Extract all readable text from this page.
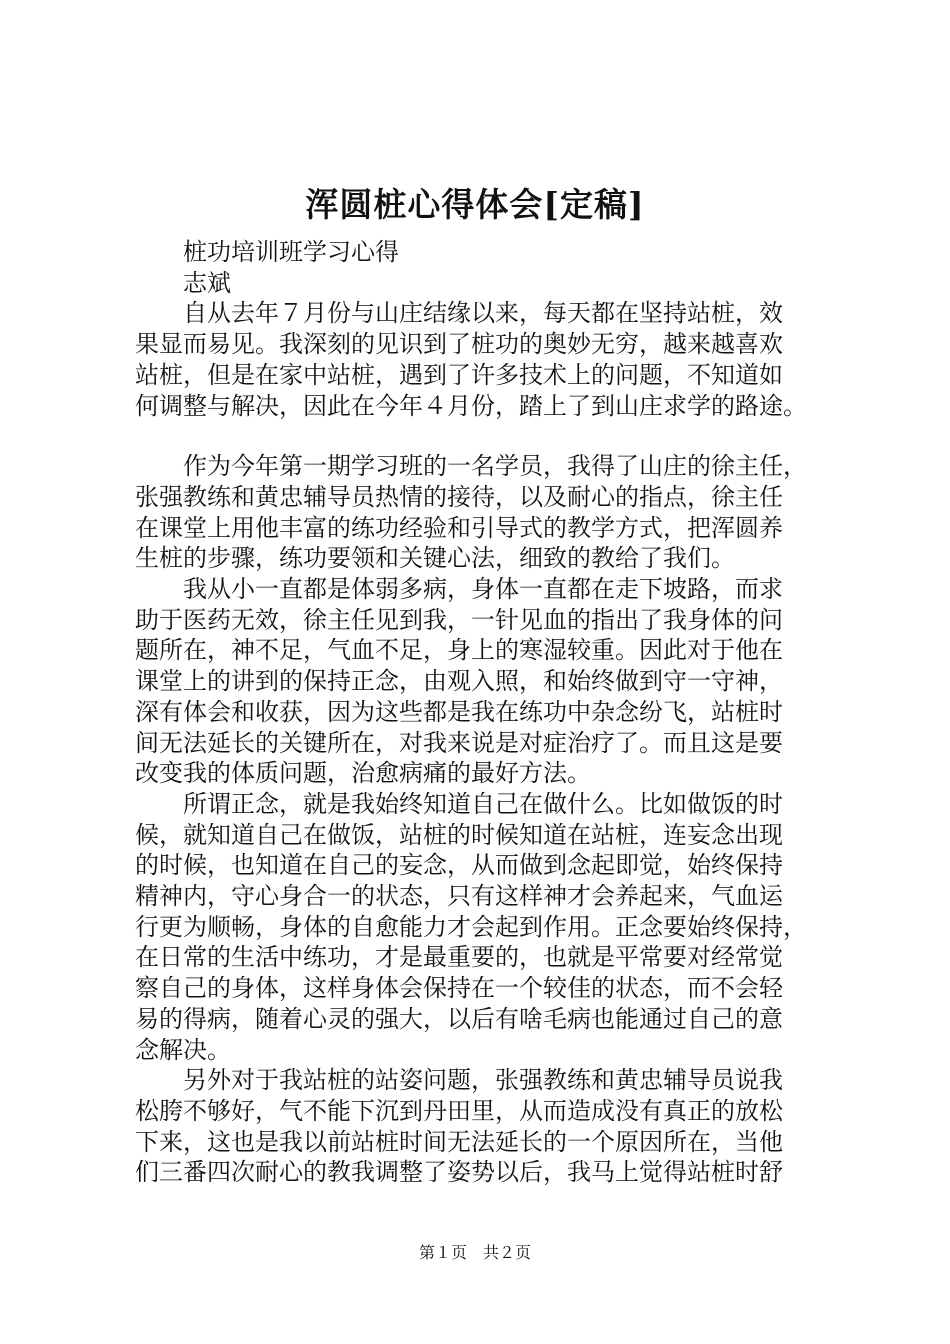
浑圆桩心得体会[定稿]

桩功培训班学习心得

志斌

自从去年７月份与山庄结缘以来，每天都在坚持站桩，效

果显而易见。我深刻的见识到了桩功的奥妙无穷，越来越喜欢

站桩，但是在家中站桩，遇到了许多技术上的问题，不知道如

何调整与解决，因此在今年４月份，踏上了到山庄求学的路途。

作为今年第一期学习班的一名学员，我得了山庄的徐主任，

张强教练和黄忠辅导员热情的接待，以及耐心的指点，徐主任

在课堂上用他丰富的练功经验和引导式的教学方式，把浑圆养

生桩的步骤，练功要领和关键心法，细致的教给了我们。

我从小一直都是体弱多病，身体一直都在走下坡路，而求

助于医药无效，徐主任见到我，一针见血的指出了我身体的问

题所在，神不足，气血不足，身上的寒湿较重。因此对于他在

课堂上的讲到的保持正念，由观入照，和始终做到守一守神，

深有体会和收获，因为这些都是我在练功中杂念纷飞，站桩时

间无法延长的关键所在，对我来说是对症治疗了。而且这是要

改变我的体质问题，治愈病痛的最好方法。

所谓正念，就是我始终知道自己在做什么。比如做饭的时

候，就知道自己在做饭，站桩的时候知道在站桩，连妄念出现

的时候，也知道在自己的妄念，从而做到念起即觉，始终保持

精神内，守心身合一的状态，只有这样神才会养起来，气血运

行更为顺畅，身体的自愈能力才会起到作用。正念要始终保持，

在日常的生活中练功，才是最重要的，也就是平常要对经常觉

察自己的身体，这样身体会保持在一个较佳的状态，而不会轻

易的得病，随着心灵的强大，以后有啥毛病也能通过自己的意

念解决。

另外对于我站桩的站姿问题，张强教练和黄忠辅导员说我

松胯不够好，气不能下沉到丹田里，从而造成没有真正的放松

下来，这也是我以前站桩时间无法延长的一个原因所在，当他

们三番四次耐心的教我调整了姿势以后，我马上觉得站桩时舒

第１页　共２页
